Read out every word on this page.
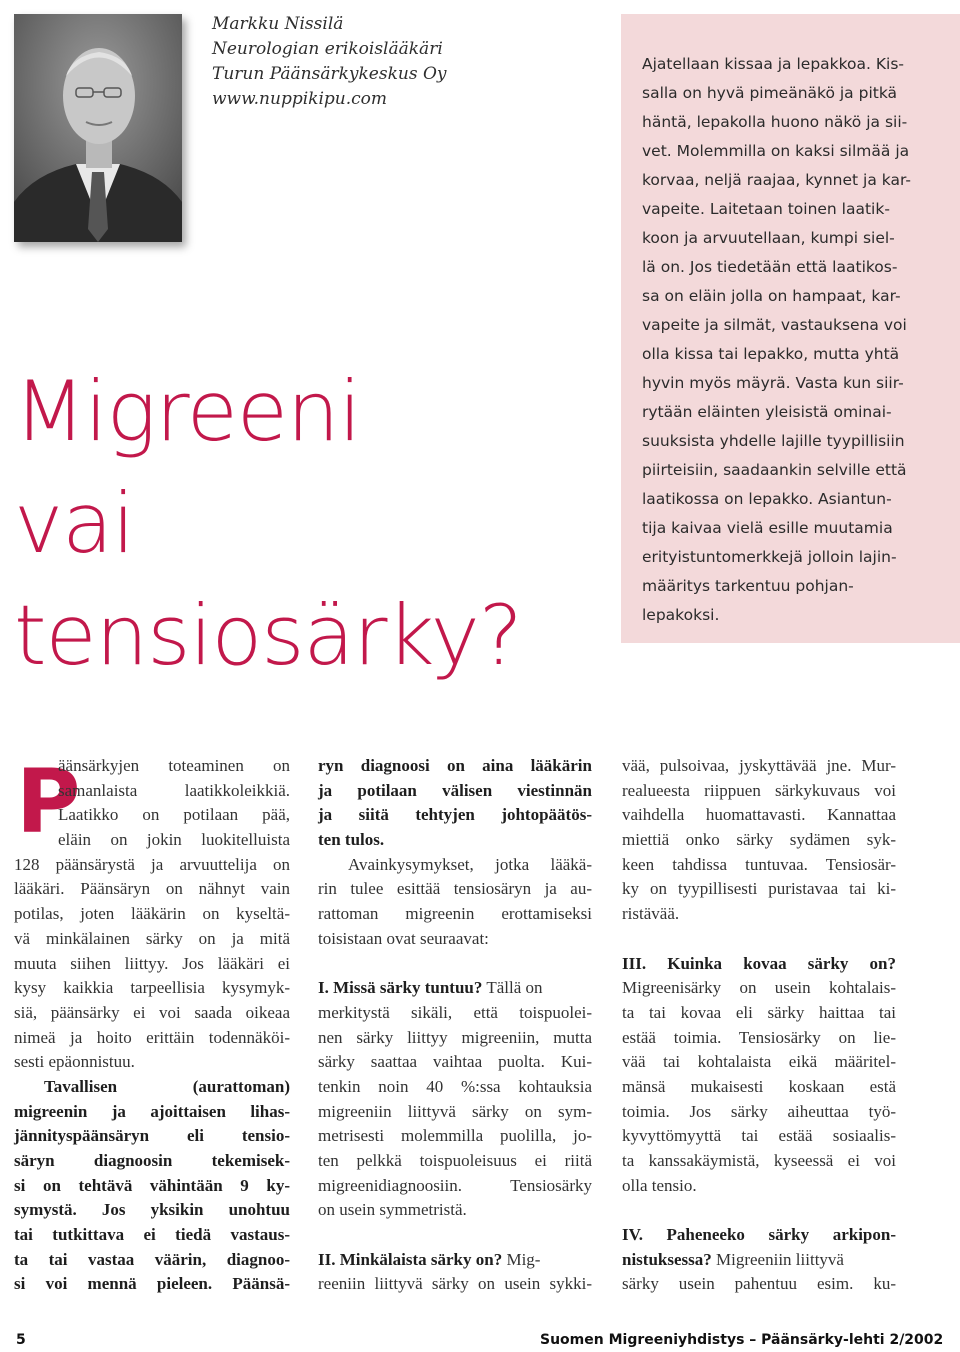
Markku Nissilä
Neurologian erikoislääkäri
Turun Päänsärkykeskus Oy
www.nuppikipu.com
Migreeni
vai
tensiosärky?
Ajatellaan kissaa ja lepakkoa. Kis-
salla on hyvä pimeänäkö ja pitkä
häntä, lepakolla huono näkö ja sii-
vet. Molemmilla on kaksi silmää ja
korvaa, neljä raajaa, kynnet ja kar-
vapeite. Laitetaan toinen laatik-
koon ja arvuutellaan, kumpi siel-
lä on. Jos tiedetään että laatikos-
sa on eläin jolla on hampaat, kar-
vapeite ja silmät, vastauksena voi
olla kissa tai lepakko, mutta yhtä
hyvin myös mäyrä. Vasta kun siir-
rytään eläinten yleisistä ominai-
suuksista yhdelle lajille tyypillisiin
piirteisiin, saadaankin selville että
laatikossa on lepakko. Asiantun-
tija kaivaa vielä esille muutamia
erityistuntomerkkejä jolloin lajin-
määritys tarkentuu pohjan-
lepakoksi.
P
äänsärkyjen toteaminen on
samanlaista laatikkoleikkiä.
Laatikko on potilaan pää,
eläin on jokin luokitelluista
128 päänsärystä ja arvuuttelija on
lääkäri. Päänsäryn on nähnyt vain
potilas, joten lääkärin on kyseltä-
vä minkälainen särky on ja mitä
muuta siihen liittyy. Jos lääkäri ei
kysy kaikkia tarpeellisia kysymyk-
siä, päänsärky ei voi saada oikeaa
nimeä ja hoito erittäin todennäköi-
sesti epäonnistuu.
Tavallisen (aurattoman)
migreenin ja ajoittaisen lihas-
jännityspäänsäryn eli tensio-
säryn diagnoosin tekemisek-
si on tehtävä vähintään 9 ky-
symystä. Jos yksikin unohtuu
tai tutkittava ei tiedä vastaus-
ta tai vastaa väärin, diagnoo-
si voi mennä pieleen. Päänsä-
ryn diagnoosi on aina lääkärin
ja potilaan välisen viestinnän
ja siitä tehtyjen johtopäätös-
ten tulos.
Avainkysymykset, jotka lääkä-
rin tulee esittää tensiosäryn ja au-
rattoman migreenin erottamiseksi
toisistaan ovat seuraavat:
I. Missä särky tuntuu? Tällä on
merkitystä sikäli, että toispuolei-
nen särky liittyy migreeniin, mutta
särky saattaa vaihtaa puolta. Kui-
tenkin noin 40 %:ssa kohtauksia
migreeniin liittyvä särky on sym-
metrisesti molemmilla puolilla, jo-
ten pelkkä toispuoleisuus ei riitä
migreenidiagnoosiin. Tensiosärky
on usein symmetristä.
II. Minkälaista särky on? Mig-
reeniin liittyvä särky on usein sykki-
vää, pulsoivaa, jyskyttävää jne. Mur-
realueesta riippuen särkykuvaus voi
vaihdella huomattavasti. Kannattaa
miettiä onko särky sydämen syk-
keen tahdissa tuntuvaa. Tensiosär-
ky on tyypillisesti puristavaa tai ki-
ristävää.
III. Kuinka kovaa särky on?
Migreenisärky on usein kohtalais-
ta tai kovaa eli särky haittaa tai
estää toimia. Tensiosärky on lie-
vää tai kohtalaista eikä määritel-
mänsä mukaisesti koskaan estä
toimia. Jos särky aiheuttaa työ-
kyvyttömyyttä tai estää sosiaalis-
ta kanssakäymistä, kyseessä ei voi
olla tensio.
IV. Paheneeko särky arkipon-
nistuksessa? Migreeniin liittyvä
särky usein pahentuu esim. ku-
5	Suomen Migreeniyhdistys – Päänsärky-lehti 2/2002
